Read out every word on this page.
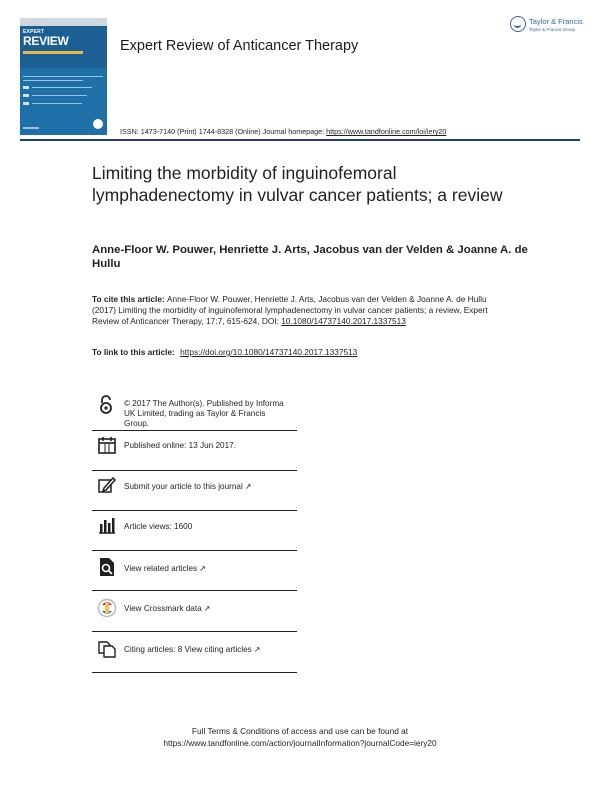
EXPERT
REVIEW	Expert Review of Anticancer Therapy
Taylor & Francis
Taylor & Francis Group
ISSN: 1473-7140 (Print) 1744-8328 (Online) Journal homepage: https://www.tandfonline.com/loi/iery20
Limiting the morbidity of inguinofemoral lymphadenectomy in vulvar cancer patients; a review
Anne-Floor W. Pouwer, Henriette J. Arts, Jacobus van der Velden & Joanne A. de Hullu
To cite this article: Anne-Floor W. Pouwer, Henriette J. Arts, Jacobus van der Velden & Joanne A. de Hullu (2017) Limiting the morbidity of inguinofemoral lymphadenectomy in vulvar cancer patients; a review, Expert Review of Anticancer Therapy, 17:7, 615-624, DOI: 10.1080/14737140.2017.1337513
To link to this article: https://doi.org/10.1080/14737140.2017.1337513
© 2017 The Author(s). Published by Informa
UK Limited, trading as Taylor & Francis
Group.
Published online: 13 Jun 2017.
Submit your article to this journal ↗
Article views: 1600
View related articles ↗
View Crossmark data ↗
Citing articles: 8 View citing articles ↗
Full Terms & Conditions of access and use can be found at
https://www.tandfonline.com/action/journalInformation?journalCode=iery20
